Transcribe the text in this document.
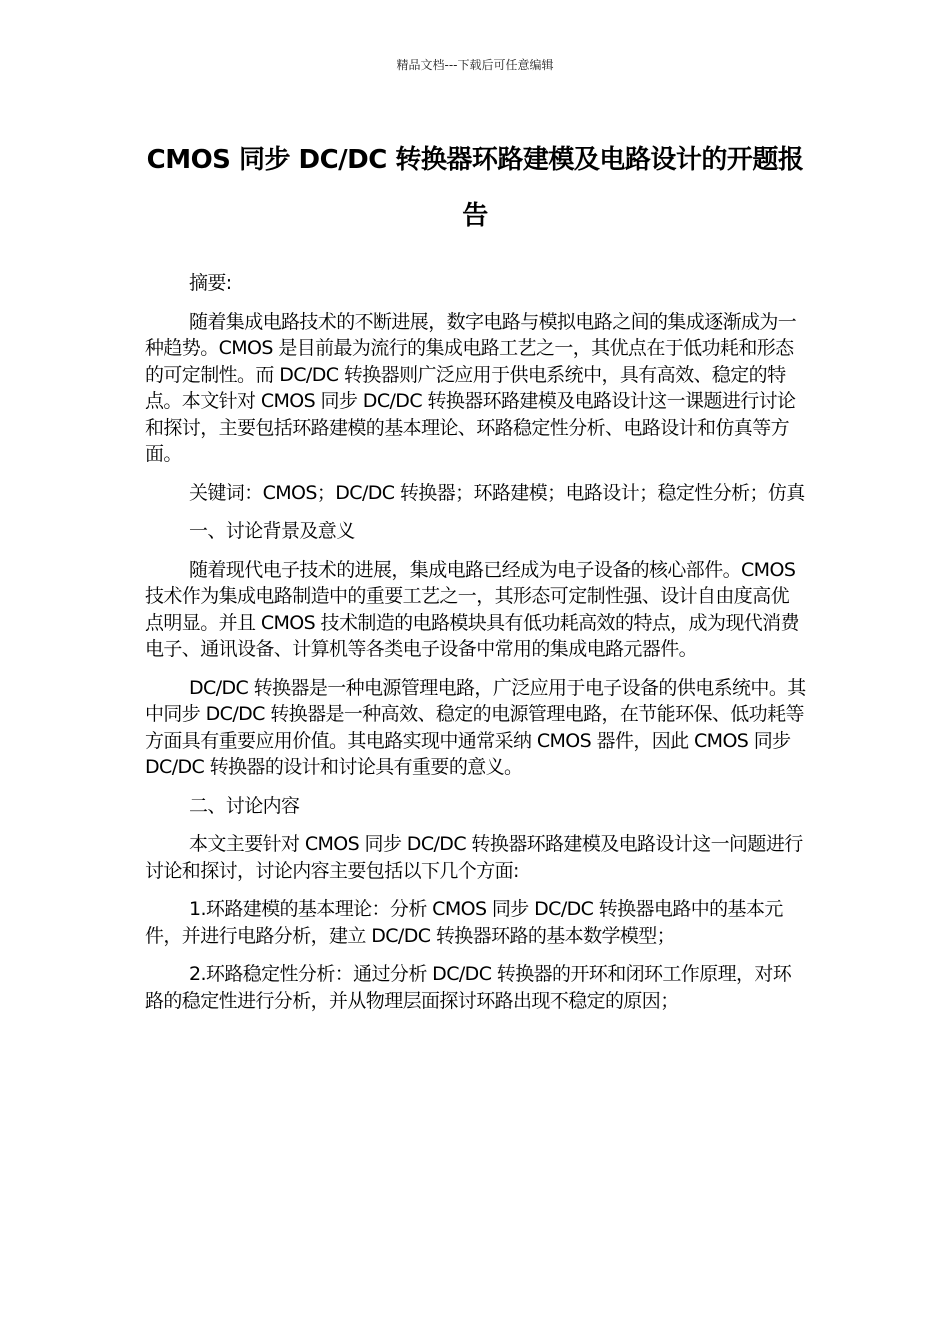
精品文档---下载后可任意编辑
CMOS 同步 DC/DC 转换器环路建模及电路设计的开题报告

摘要:

随着集成电路技术的不断进展，数字电路与模拟电路之间的集成逐渐成为一种趋势。CMOS 是目前最为流行的集成电路工艺之一，其优点在于低功耗和形态的可定制性。而 DC/DC 转换器则广泛应用于供电系统中，具有高效、稳定的特点。本文针对 CMOS 同步 DC/DC 转换器环路建模及电路设计这一课题进行讨论和探讨，主要包括环路建模的基本理论、环路稳定性分析、电路设计和仿真等方面。

关键词：CMOS；DC/DC 转换器；环路建模；电路设计；稳定性分析；仿真

一、讨论背景及意义

随着现代电子技术的进展，集成电路已经成为电子设备的核心部件。CMOS 技术作为集成电路制造中的重要工艺之一，其形态可定制性强、设计自由度高优点明显。并且 CMOS 技术制造的电路模块具有低功耗高效的特点，成为现代消费电子、通讯设备、计算机等各类电子设备中常用的集成电路元器件。

DC/DC 转换器是一种电源管理电路，广泛应用于电子设备的供电系统中。其中同步 DC/DC 转换器是一种高效、稳定的电源管理电路，在节能环保、低功耗等方面具有重要应用价值。其电路实现中通常采纳 CMOS 器件，因此 CMOS 同步 DC/DC 转换器的设计和讨论具有重要的意义。

二、讨论内容

本文主要针对 CMOS 同步 DC/DC 转换器环路建模及电路设计这一问题进行讨论和探讨，讨论内容主要包括以下几个方面:

1.环路建模的基本理论：分析 CMOS 同步 DC/DC 转换器电路中的基本元件，并进行电路分析，建立 DC/DC 转换器环路的基本数学模型；

2.环路稳定性分析：通过分析 DC/DC 转换器的开环和闭环工作原理，对环路的稳定性进行分析，并从物理层面探讨环路出现不稳定的原因；
